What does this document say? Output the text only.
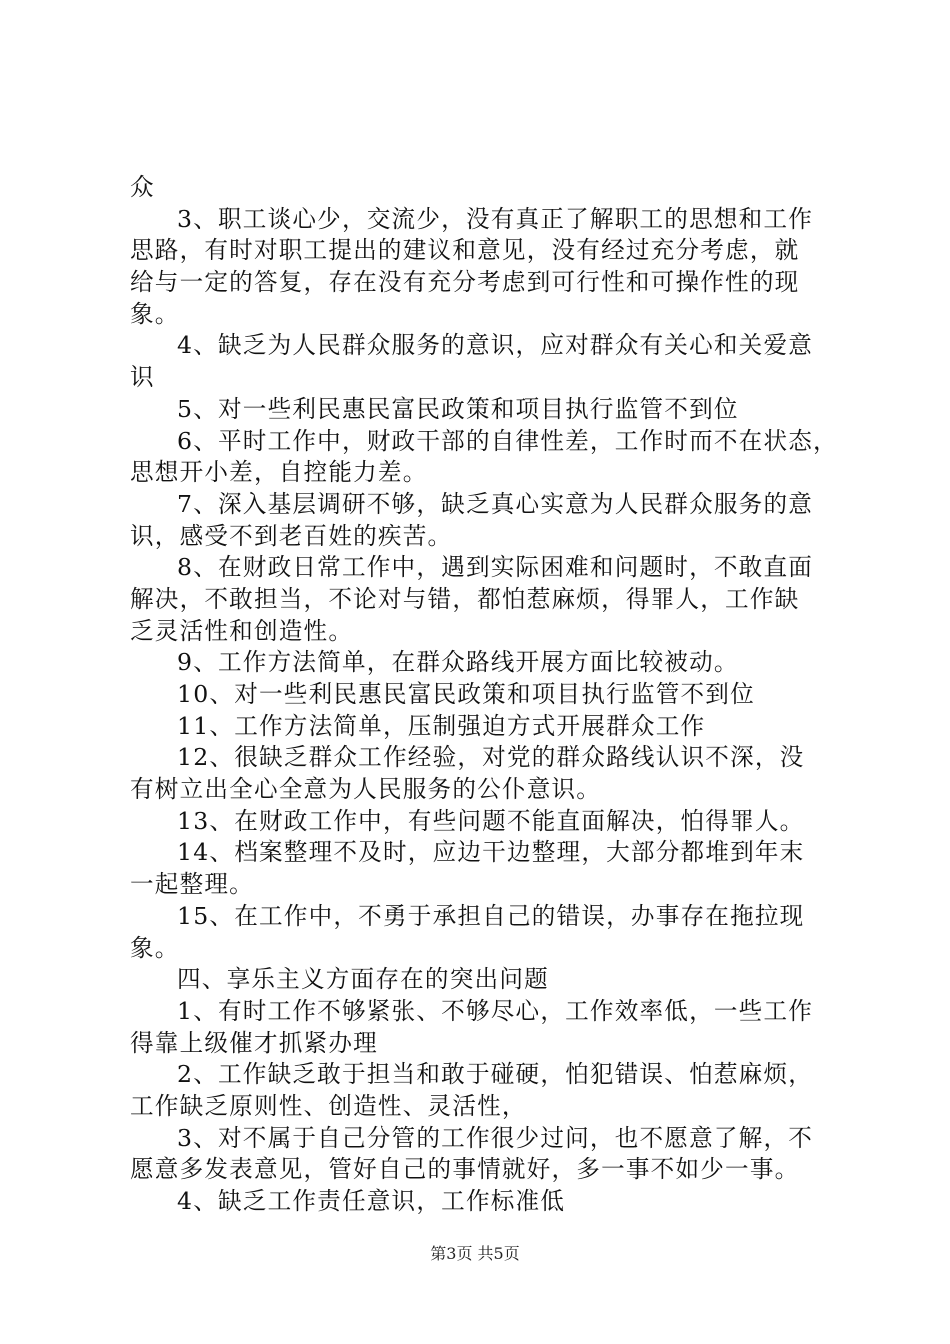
众
3、职工谈心少，交流少，没有真正了解职工的思想和工作
思路，有时对职工提出的建议和意见，没有经过充分考虑，就
给与一定的答复，存在没有充分考虑到可行性和可操作性的现
象。
4、缺乏为人民群众服务的意识，应对群众有关心和关爱意
识
5、对一些利民惠民富民政策和项目执行监管不到位
6、平时工作中，财政干部的自律性差，工作时而不在状态，
思想开小差，自控能力差。
7、深入基层调研不够，缺乏真心实意为人民群众服务的意
识，感受不到老百姓的疾苦。
8、在财政日常工作中，遇到实际困难和问题时，不敢直面
解决，不敢担当，不论对与错，都怕惹麻烦，得罪人，工作缺
乏灵活性和创造性。
9、工作方法简单，在群众路线开展方面比较被动。
10、对一些利民惠民富民政策和项目执行监管不到位
11、工作方法简单，压制强迫方式开展群众工作
12、很缺乏群众工作经验，对党的群众路线认识不深，没
有树立出全心全意为人民服务的公仆意识。
13、在财政工作中，有些问题不能直面解决，怕得罪人。
14、档案整理不及时，应边干边整理，大部分都堆到年末
一起整理。
15、在工作中，不勇于承担自己的错误，办事存在拖拉现
象。
四、享乐主义方面存在的突出问题
1、有时工作不够紧张、不够尽心，工作效率低，一些工作
得靠上级催才抓紧办理
2、工作缺乏敢于担当和敢于碰硬，怕犯错误、怕惹麻烦，
工作缺乏原则性、创造性、灵活性，
3、对不属于自己分管的工作很少过问，也不愿意了解，不
愿意多发表意见，管好自己的事情就好，多一事不如少一事。
4、缺乏工作责任意识，工作标准低
第3页 共5页
